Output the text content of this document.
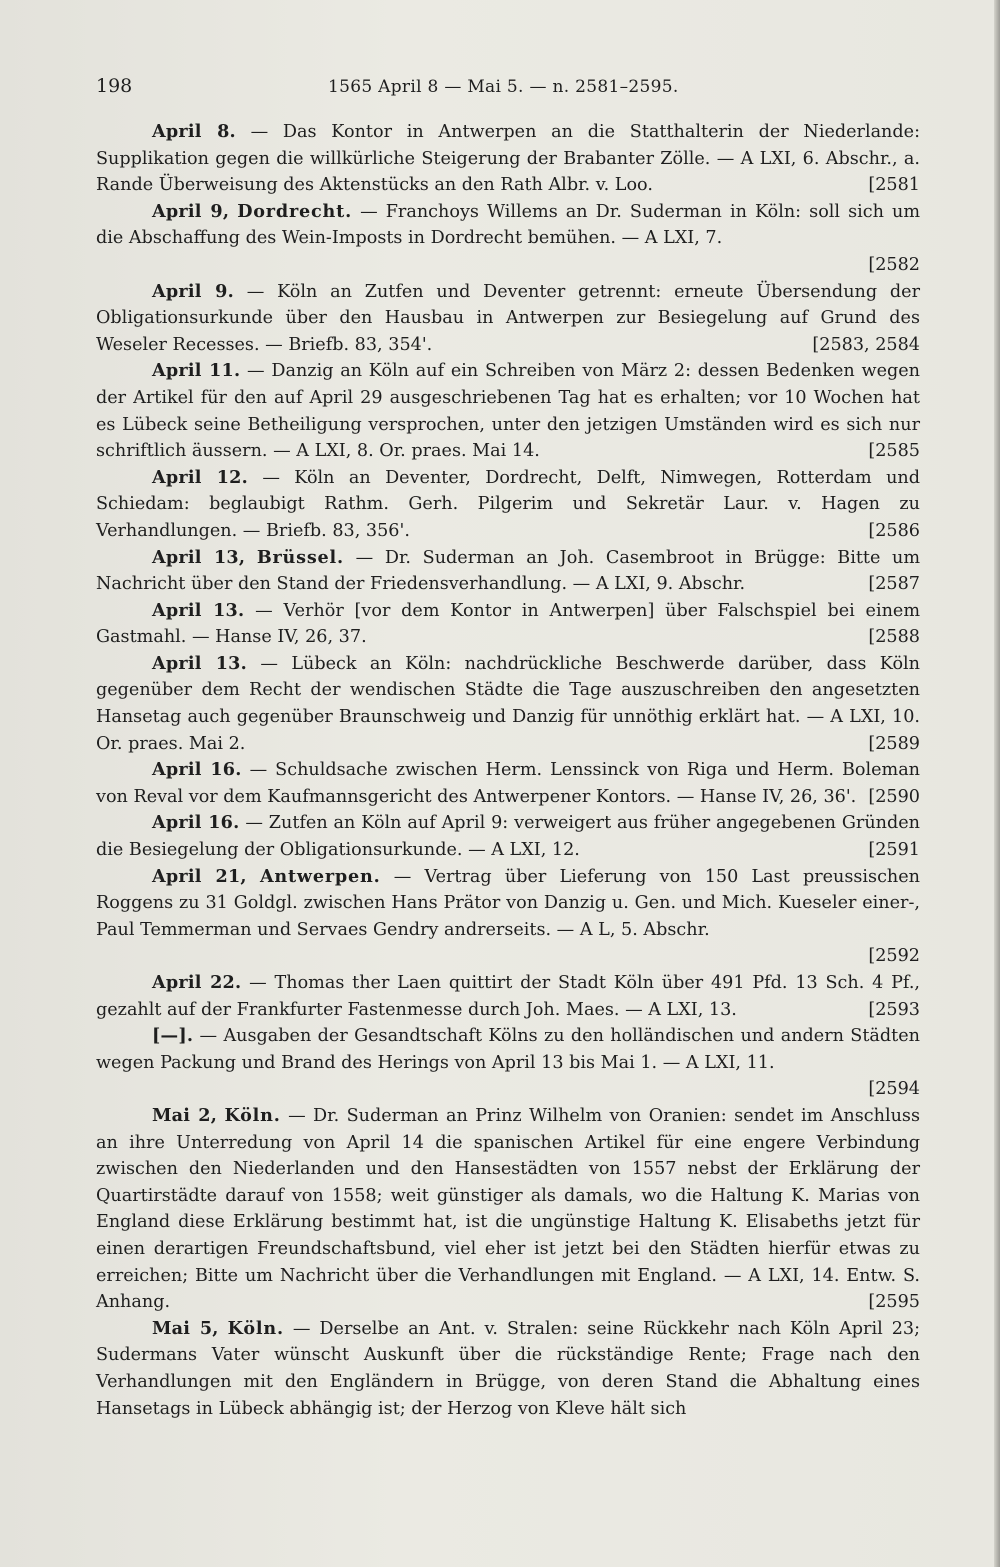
198	1565 April 8 — Mai 5. — n. 2581–2595.

April 8. — Das Kontor in Antwerpen an die Statthalterin der Niederlande: Supplikation gegen die willkürliche Steigerung der Brabanter Zölle. — A LXI, 6. Abschr., a. Rande Überweisung des Aktenstücks an den Rath Albr. v. Loo.	[2581

April 9, Dordrecht. — Franchoys Willems an Dr. Suderman in Köln: soll sich um die Abschaffung des Wein-Imposts in Dordrecht bemühen. — A LXI, 7.
[2582

April 9. — Köln an Zutfen und Deventer getrennt: erneute Übersendung der Obligationsurkunde über den Hausbau in Antwerpen zur Besiegelung auf Grund des Weseler Recesses. — Briefb. 83, 354'.	[2583, 2584

April 11. — Danzig an Köln auf ein Schreiben von März 2: dessen Bedenken wegen der Artikel für den auf April 29 ausgeschriebenen Tag hat es erhalten; vor 10 Wochen hat es Lübeck seine Betheiligung versprochen, unter den jetzigen Umständen wird es sich nur schriftlich äussern. — A LXI, 8. Or. praes. Mai 14.	[2585

April 12. — Köln an Deventer, Dordrecht, Delft, Nimwegen, Rotterdam und Schiedam: beglaubigt Rathm. Gerh. Pilgerim und Sekretär Laur. v. Hagen zu Verhandlungen. — Briefb. 83, 356'.	[2586

April 13, Brüssel. — Dr. Suderman an Joh. Casembroot in Brügge: Bitte um Nachricht über den Stand der Friedensverhandlung. — A LXI, 9. Abschr.	[2587

April 13. — Verhör [vor dem Kontor in Antwerpen] über Falschspiel bei einem Gastmahl. — Hanse IV, 26, 37.	[2588

April 13. — Lübeck an Köln: nachdrückliche Beschwerde darüber, dass Köln gegenüber dem Recht der wendischen Städte die Tage auszuschreiben den angesetzten Hansetag auch gegenüber Braunschweig und Danzig für unnöthig erklärt hat. — A LXI, 10. Or. praes. Mai 2.	[2589

April 16. — Schuldsache zwischen Herm. Lenssinck von Riga und Herm. Boleman von Reval vor dem Kaufmannsgericht des Antwerpener Kontors. — Hanse IV, 26, 36'. [2590

April 16. — Zutfen an Köln auf April 9: verweigert aus früher angegebenen Gründen die Besiegelung der Obligationsurkunde. — A LXI, 12.	[2591

April 21, Antwerpen. — Vertrag über Lieferung von 150 Last preussischen Roggens zu 31 Goldgl. zwischen Hans Prätor von Danzig u. Gen. und Mich. Kueseler einer-, Paul Temmerman und Servaes Gendry andrerseits. — A L, 5. Abschr.
[2592

April 22. — Thomas ther Laen quittirt der Stadt Köln über 491 Pfd. 13 Sch. 4 Pf., gezahlt auf der Frankfurter Fastenmesse durch Joh. Maes. — A LXI, 13.	[2593

[—]. — Ausgaben der Gesandtschaft Kölns zu den holländischen und andern Städten wegen Packung und Brand des Herings von April 13 bis Mai 1. — A LXI, 11.
[2594

Mai 2, Köln. — Dr. Suderman an Prinz Wilhelm von Oranien: sendet im Anschluss an ihre Unterredung von April 14 die spanischen Artikel für eine engere Verbindung zwischen den Niederlanden und den Hansestädten von 1557 nebst der Erklärung der Quartirstädte darauf von 1558; weit günstiger als damals, wo die Haltung K. Marias von England diese Erklärung bestimmt hat, ist die ungünstige Haltung K. Elisabeths jetzt für einen derartigen Freundschaftsbund, viel eher ist jetzt bei den Städten hierfür etwas zu erreichen; Bitte um Nachricht über die Verhandlungen mit England. — A LXI, 14. Entw. S. Anhang.	[2595

Mai 5, Köln. — Derselbe an Ant. v. Stralen: seine Rückkehr nach Köln April 23; Sudermans Vater wünscht Auskunft über die rückständige Rente; Frage nach den Verhandlungen mit den Engländern in Brügge, von deren Stand die Abhaltung eines Hansetags in Lübeck abhängig ist; der Herzog von Kleve hält sich
